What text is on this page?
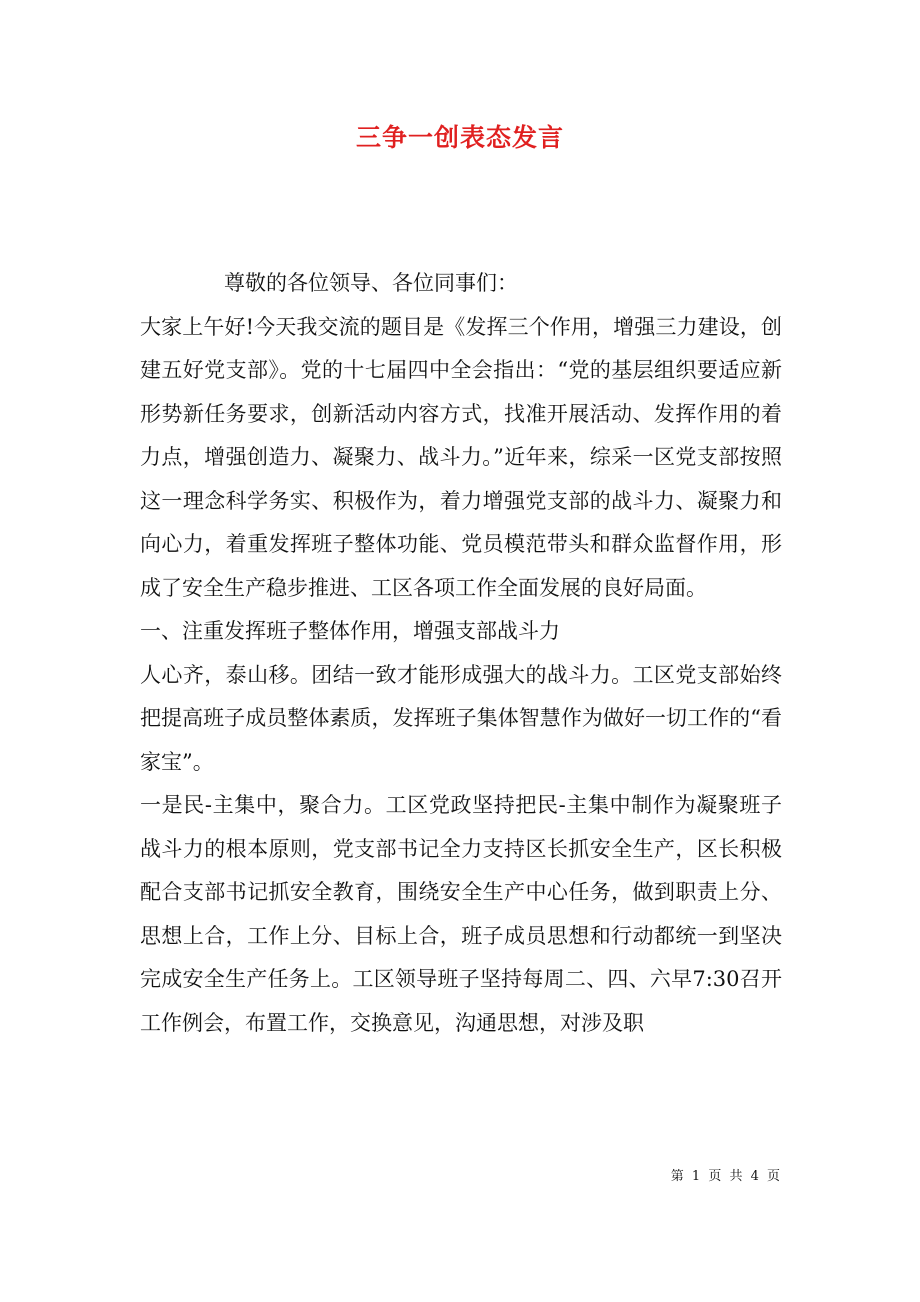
三争一创表态发言

尊敬的各位领导、各位同事们：

大家上午好!今天我交流的题目是《发挥三个作用，增强三力建设，创建五好党支部》。党的十七届四中全会指出：“党的基层组织要适应新形势新任务要求，创新活动内容方式，找准开展活动、发挥作用的着力点，增强创造力、凝聚力、战斗力。”近年来，综采一区党支部按照这一理念科学务实、积极作为，着力增强党支部的战斗力、凝聚力和向心力，着重发挥班子整体功能、党员模范带头和群众监督作用，形成了安全生产稳步推进、工区各项工作全面发展的良好局面。

一、注重发挥班子整体作用，增强支部战斗力

人心齐，泰山移。团结一致才能形成强大的战斗力。工区党支部始终把提高班子成员整体素质，发挥班子集体智慧作为做好一切工作的“看家宝”。

一是民-主集中，聚合力。工区党政坚持把民-主集中制作为凝聚班子战斗力的根本原则，党支部书记全力支持区长抓安全生产，区长积极配合支部书记抓安全教育，围绕安全生产中心任务，做到职责上分、思想上合，工作上分、目标上合，班子成员思想和行动都统一到坚决完成安全生产任务上。工区领导班子坚持每周二、四、六早7:30召开工作例会，布置工作，交换意见，沟通思想，对涉及职

第 1 页 共 4 页
